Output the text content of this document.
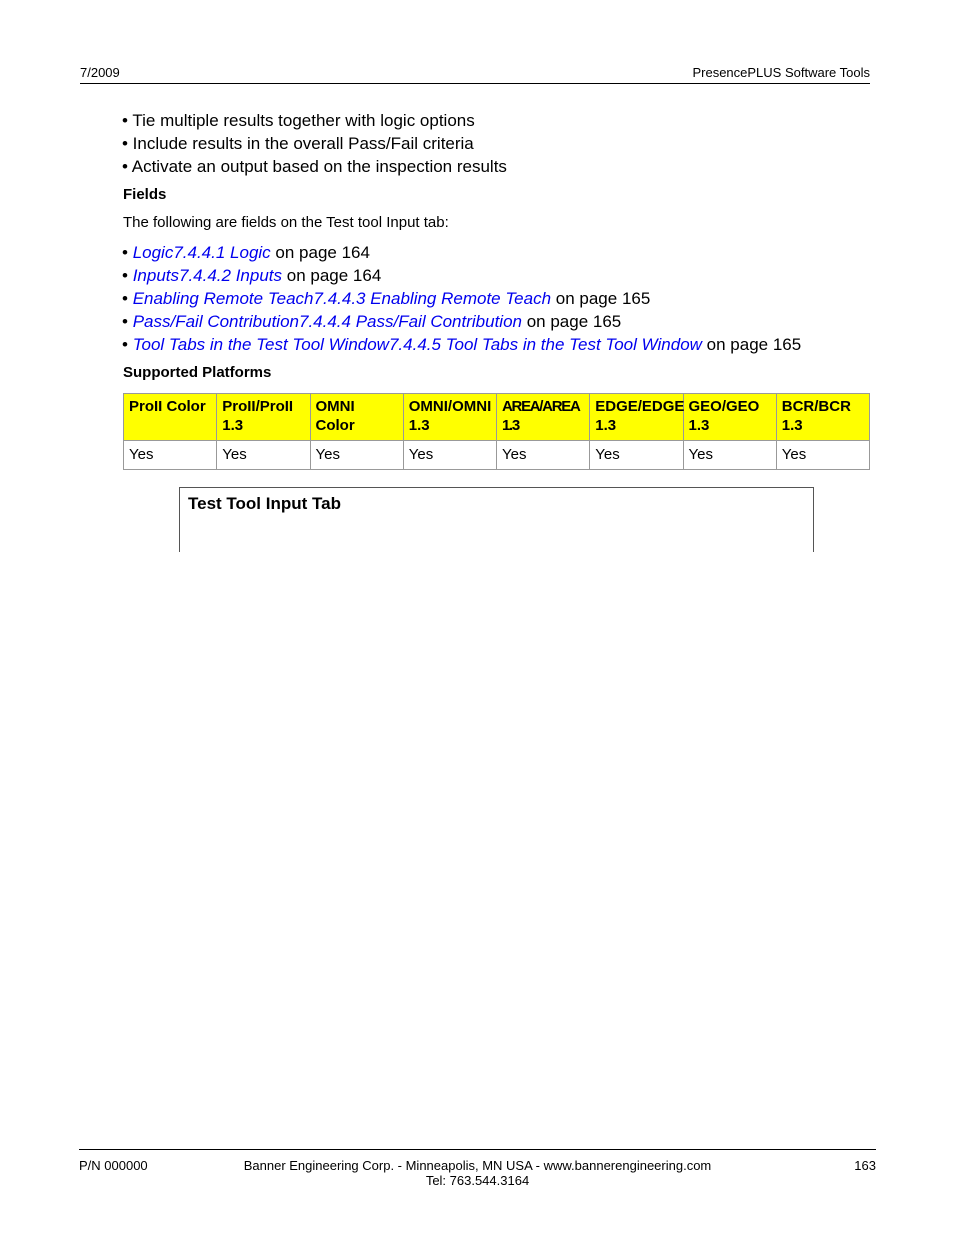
7/2009	PresencePLUS Software Tools
• Tie multiple results together with logic options
• Include results in the overall Pass/Fail criteria
• Activate an output based on the inspection results
Fields
The following are fields on the Test tool Input tab:
• Logic7.4.4.1 Logic on page 164
• Inputs7.4.4.2 Inputs on page 164
• Enabling Remote Teach7.4.4.3 Enabling Remote Teach on page 165
• Pass/Fail Contribution7.4.4.4 Pass/Fail Contribution on page 165
• Tool Tabs in the Test Tool Window7.4.4.5 Tool Tabs in the Test Tool Window on page 165
Supported Platforms
ProII Color	ProII/ProII 1.3	OMNI Color	OMNI/OMNI 1.3	AREA/AREA 1.3	EDGE/EDGE 1.3	GEO/GEO 1.3	BCR/BCR 1.3
Yes	Yes	Yes	Yes	Yes	Yes	Yes	Yes
Test Tool Input Tab
P/N 000000	Banner Engineering Corp. - Minneapolis, MN USA - www.bannerengineering.com
Tel: 763.544.3164
163
